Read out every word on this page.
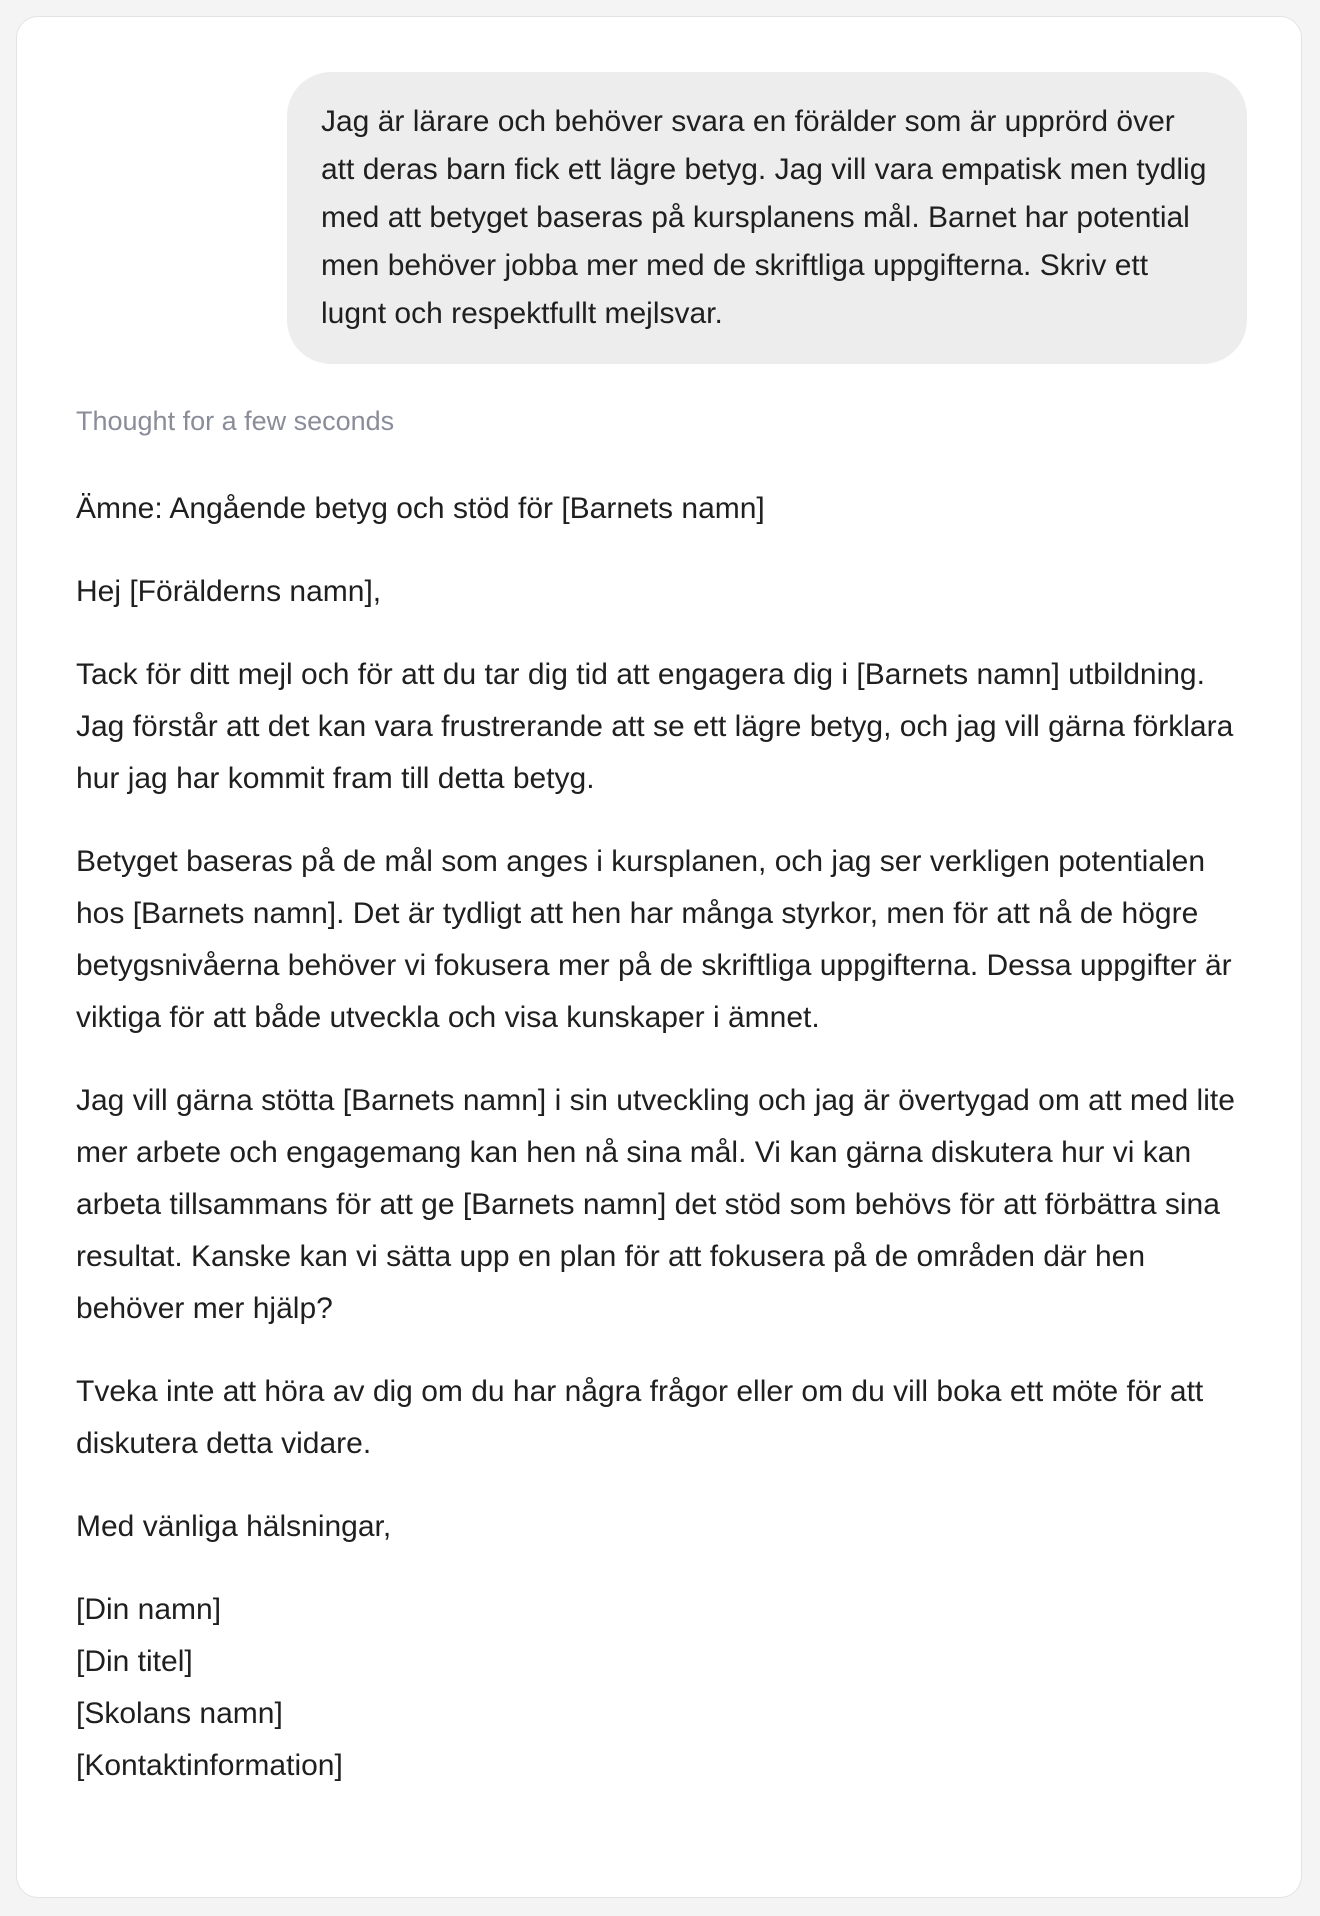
Jag är lärare och behöver svara en förälder som är upprörd över att deras barn fick ett lägre betyg. Jag vill vara empatisk men tydlig med att betyget baseras på kursplanens mål. Barnet har potential men behöver jobba mer med de skriftliga uppgifterna. Skriv ett lugnt och respektfullt mejlsvar.
Thought for a few seconds

Ämne: Angående betyg och stöd för [Barnets namn]

Hej [Förälderns namn],

Tack för ditt mejl och för att du tar dig tid att engagera dig i [Barnets namn] utbildning. Jag förstår att det kan vara frustrerande att se ett lägre betyg, och jag vill gärna förklara hur jag har kommit fram till detta betyg.

Betyget baseras på de mål som anges i kursplanen, och jag ser verkligen potentialen hos [Barnets namn]. Det är tydligt att hen har många styrkor, men för att nå de högre betygsnivåerna behöver vi fokusera mer på de skriftliga uppgifterna. Dessa uppgifter är viktiga för att både utveckla och visa kunskaper i ämnet.

Jag vill gärna stötta [Barnets namn] i sin utveckling och jag är övertygad om att med lite mer arbete och engagemang kan hen nå sina mål. Vi kan gärna diskutera hur vi kan arbeta tillsammans för att ge [Barnets namn] det stöd som behövs för att förbättra sina resultat. Kanske kan vi sätta upp en plan för att fokusera på de områden där hen behöver mer hjälp?

Tveka inte att höra av dig om du har några frågor eller om du vill boka ett möte för att diskutera detta vidare.

Med vänliga hälsningar,

[Din namn]

[Din titel]

[Skolans namn]

[Kontaktinformation]
